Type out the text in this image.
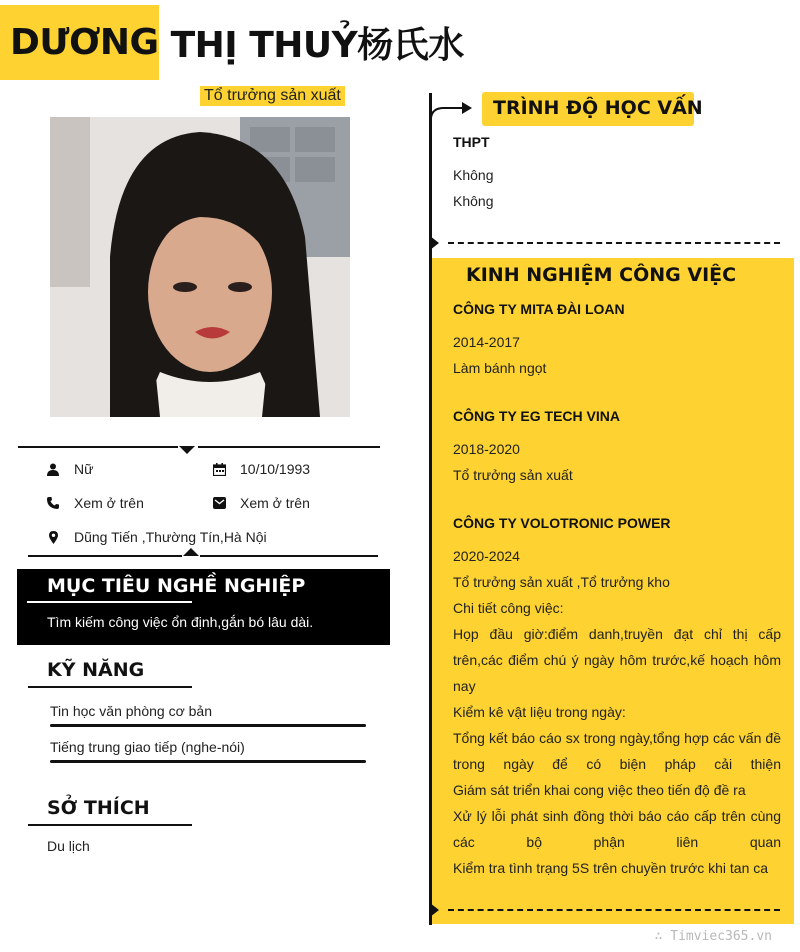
DƯƠNG THỊ THUỶ杨氏水
Tổ trưởng sản xuất
Nữ	10/10/1993
Xem ở trên	Xem ở trên
Dũng Tiến ,Thường Tín,Hà Nội
MỤC TIÊU NGHỀ NGHIỆP
Tìm kiếm công việc ổn định,gắn bó lâu dài.
KỸ NĂNG
Tin học văn phòng cơ bản
Tiếng trung giao tiếp (nghe-nói)
SỞ THÍCH
Du lịch
TRÌNH ĐỘ HỌC VẤN
THPT
Không
Không
KINH NGHIỆM CÔNG VIỆC
CÔNG TY MITA ĐÀI LOAN
2014-2017
Làm bánh ngọt
CÔNG TY EG TECH VINA
2018-2020
Tổ trưởng sản xuất
CÔNG TY VOLOTRONIC POWER
2020-2024
Tổ trưởng sản xuất ,Tổ trưởng kho
Chi tiết công việc:
Họp đầu giờ:điểm danh,truyền đạt chỉ thị cấp trên,các điểm chú ý ngày hôm trước,kế hoạch hôm nay
Kiểm kê vật liệu trong ngày:
Tổng kết báo cáo sx trong ngày,tổng hợp các vấn đề trong ngày để có biện pháp cải thiện
Giám sát triển khai cong việc theo tiến độ đề ra
Xử lý lỗi phát sinh đồng thời báo cáo cấp trên cùng các bộ phận liên quan
Kiểm tra tình trạng 5S trên chuyền trước khi tan ca
∴ Timviec365.vn
